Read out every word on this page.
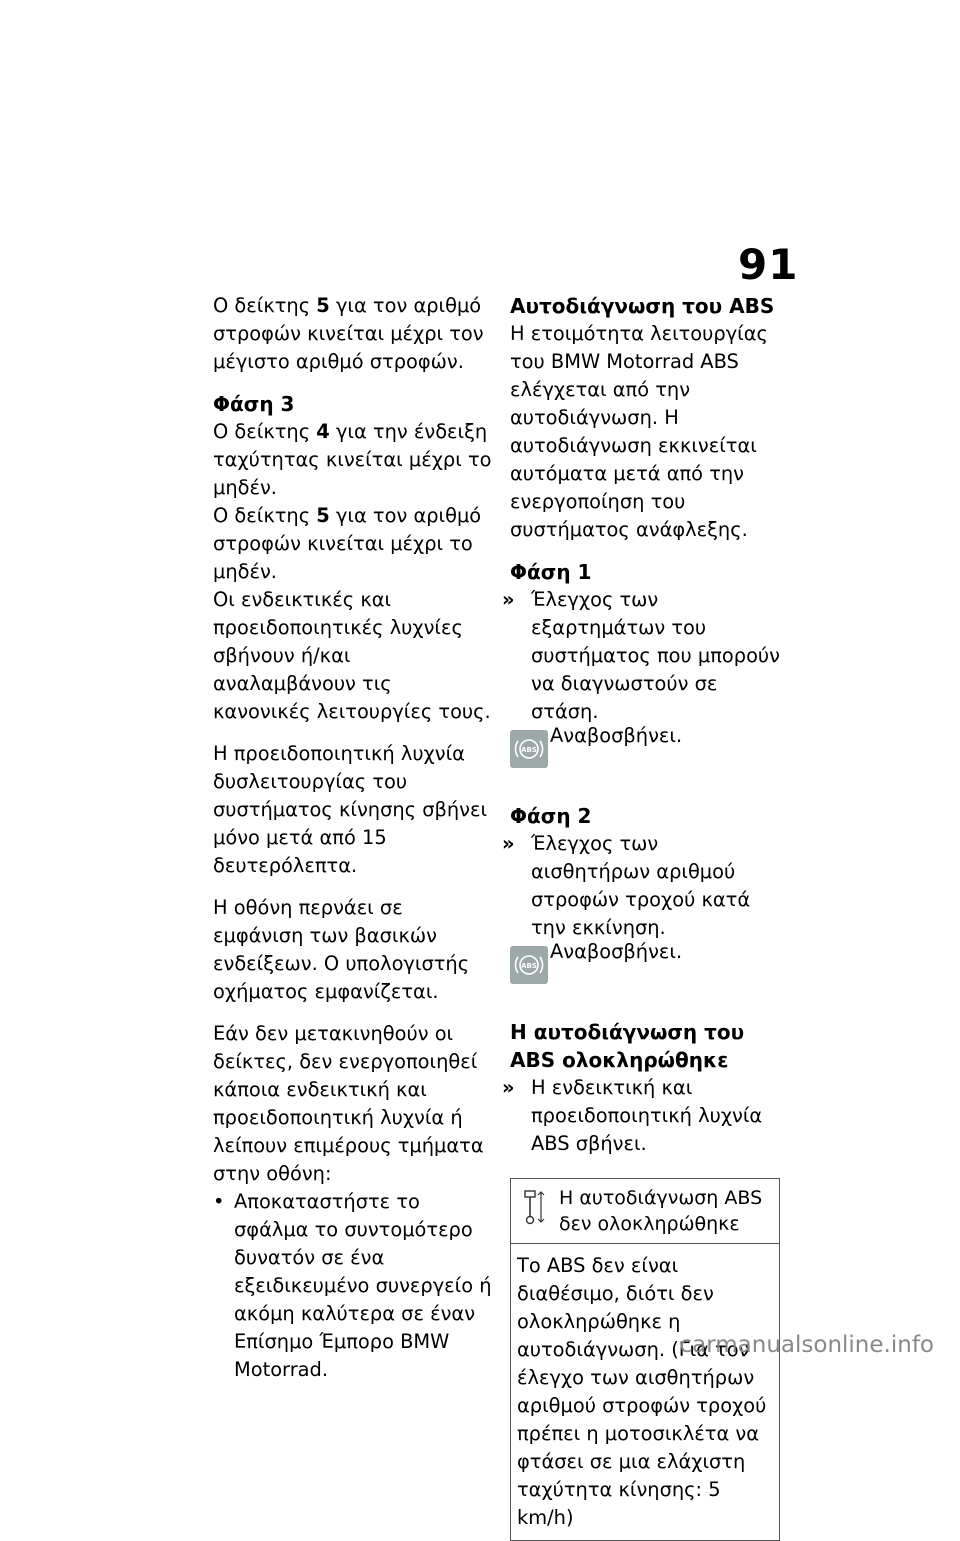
91

Ο δείκτης 5 για τον αριθμό στροφών κινείται μέχρι τον μέγιστο αριθμό στροφών.

Φάση 3

Ο δείκτης 4 για την ένδειξη ταχύτητας κινείται μέχρι το μηδέν.

Ο δείκτης 5 για τον αριθμό στροφών κινείται μέχρι το μηδέν.

Οι ενδεικτικές και προειδοποιητικές λυχνίες σβήνουν ή/και αναλαμβάνουν τις κανονικές λειτουργίες τους.

Η προειδοποιητική λυχνία δυσλειτουργίας του συστήματος κίνησης σβήνει μόνο μετά από 15 δευτερόλεπτα.

Η οθόνη περνάει σε εμφάνιση των βασικών ενδείξεων. Ο υπολογιστής οχήματος εμφανίζεται.

Εάν δεν μετακινηθούν οι δείκτες, δεν ενεργοποιηθεί κάποια ενδεικτική και προειδοποιητική λυχνία ή λείπουν επιμέρους τμήματα στην οθόνη:

• Αποκαταστήστε το σφάλμα το συντομότερο δυνατόν σε ένα εξειδικευμένο συνεργείο ή ακόμη καλύτερα σε έναν Επίσημο Έμπορο BMW Motorrad.
Αυτοδιάγνωση του ABS

Η ετοιμότητα λειτουργίας του BMW Motorrad ABS ελέγχεται από την αυτοδιάγνωση. Η αυτοδιάγνωση εκκινείται αυτόματα μετά από την ενεργοποίηση του συστήματος ανάφλεξης.

Φάση 1
» Έλεγχος των εξαρτημάτων του συστήματος που μπορούν να διαγνωστούν σε στάση.
ABS
Αναβοσβήνει.
Φάση 2
» Έλεγχος των αισθητήρων αριθμού στροφών τροχού κατά την εκκίνηση.
ABS
Αναβοσβήνει.
Η αυτοδιάγνωση του ABS ολοκληρώθηκε
» Η ενδεικτική και προειδοποιητική λυχνία ABS σβήνει.
Η αυτοδιάγνωση ABS δεν ολοκληρώθηκε
Το ABS δεν είναι διαθέσιμο, διότι δεν ολοκληρώθηκε η αυτοδιάγνωση. (Για τον έλεγχο των αισθητήρων αριθμού στροφών τροχού πρέπει η μοτοσικλέτα να φτάσει σε μια ελάχιστη ταχύτητα κίνησης: 5 km/h)
carmanualsonline.info
